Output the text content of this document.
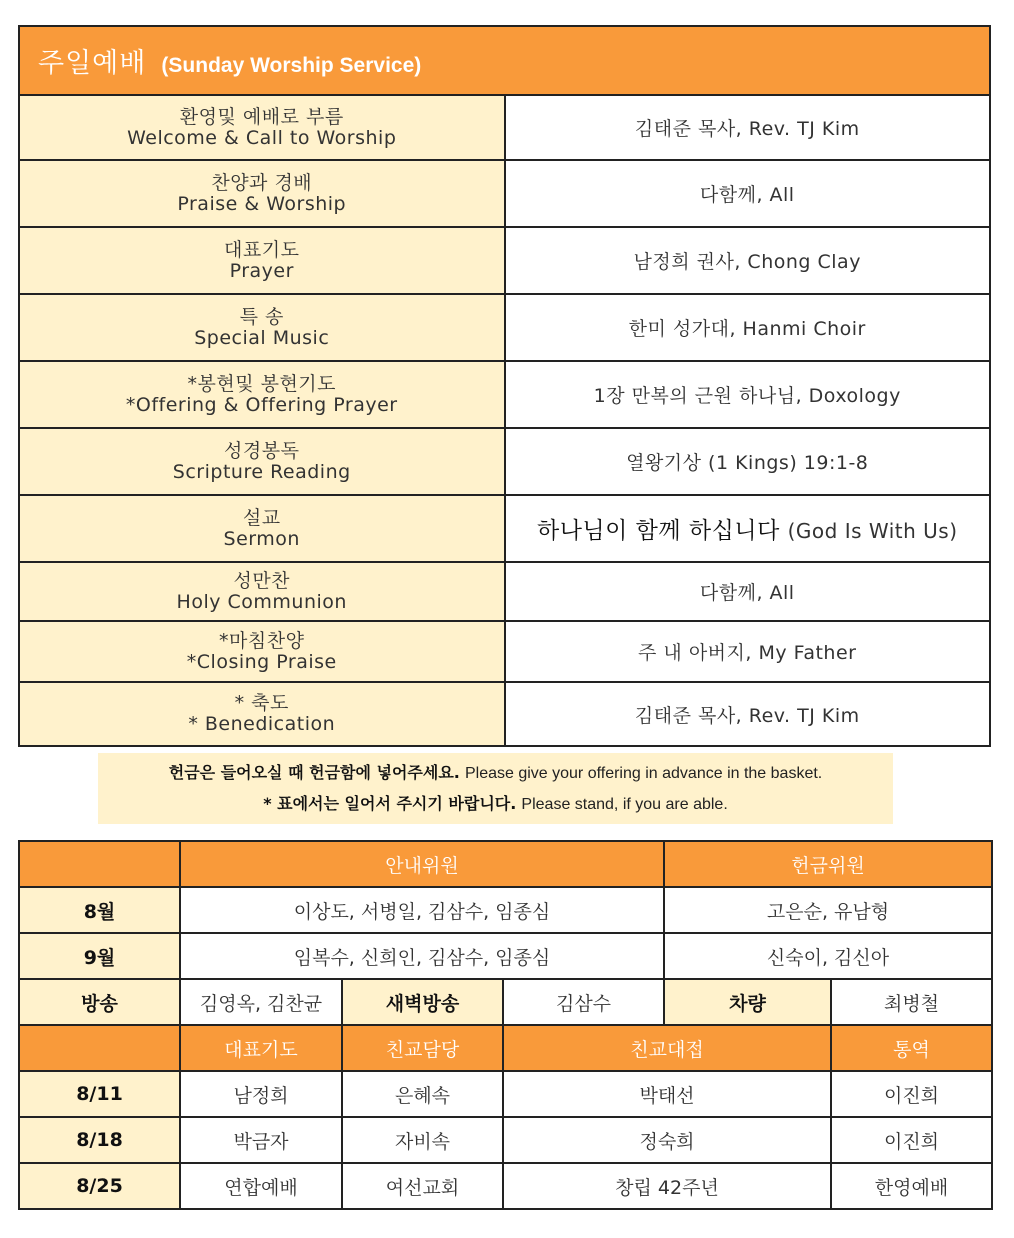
주일예배 (Sunday Worship Service)	
환영및 예배로 부름
Welcome & Call to Worship	김태준 목사, Rev. TJ Kim
찬양과 경배
Praise & Worship	다함께, All
대표기도
Prayer	남정희 권사, Chong Clay
특 송
Special Music	한미 성가대, Hanmi Choir
*봉현및 봉현기도
*Offering & Offering Prayer	1장 만복의 근원 하나님, Doxology
성경봉독
Scripture Reading	열왕기상 (1 Kings) 19:1-8
설교
Sermon	하나님이 함께 하십니다 (God Is With Us)
성만찬
Holy Communion	다함께, All
*마침찬양
*Closing Praise	주 내 아버지, My Father
* 축도
* Benedication	김태준 목사, Rev. TJ Kim
헌금은 들어오실 때 헌금함에 넣어주세요. Please give your offering in advance in the basket.
* 표에서는 일어서 주시기 바랍니다. Please stand, if you are able.
	안내위원			헌금위원	
8월	이상도, 서병일, 김삼수, 임종심			고은순, 유남형	
9월	임복수, 신희인, 김삼수, 임종심			신숙이, 김신아	
방송	김영옥, 김찬균	새벽방송	김삼수	차량	최병철
	대표기도	친교담당	친교대접		통역
8/11	남정희	은혜속	박태선		이진희
8/18	박금자	자비속	정숙희		이진희
8/25	연합예배	여선교회	창립 42주년		한영예배
